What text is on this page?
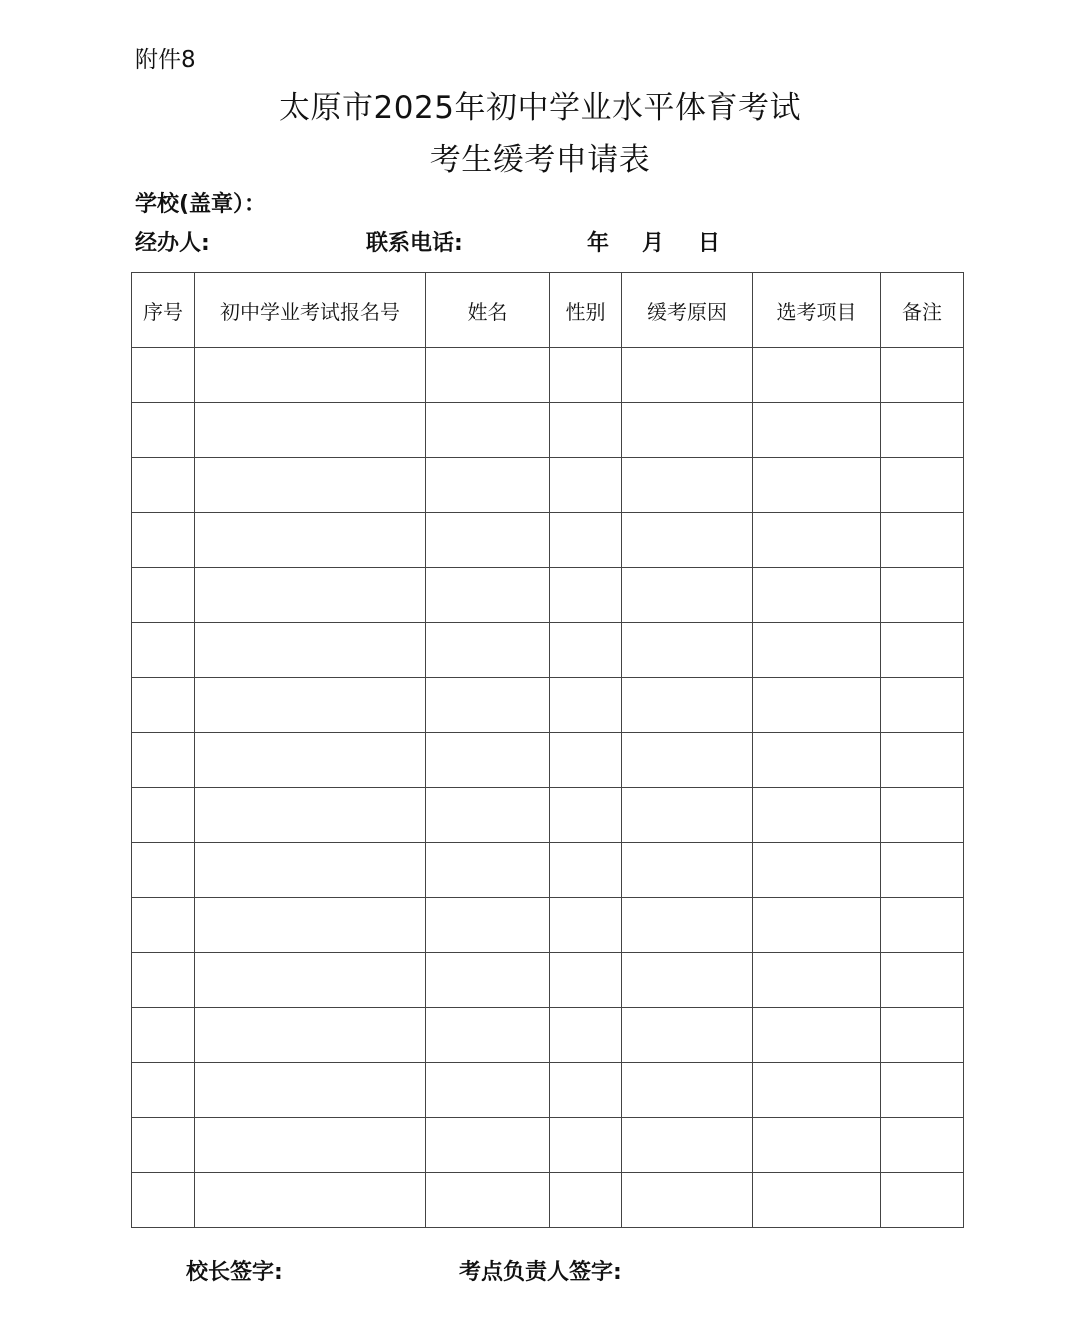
附件8
太原市2025年初中学业水平体育考试
考生缓考申请表
学校(盖章）：
经办人:	联系电话:	年 月 日
序号	初中学业考试报名号	姓名	性别	缓考原因	选考项目	备注

校长签字:	考点负责人签字:
